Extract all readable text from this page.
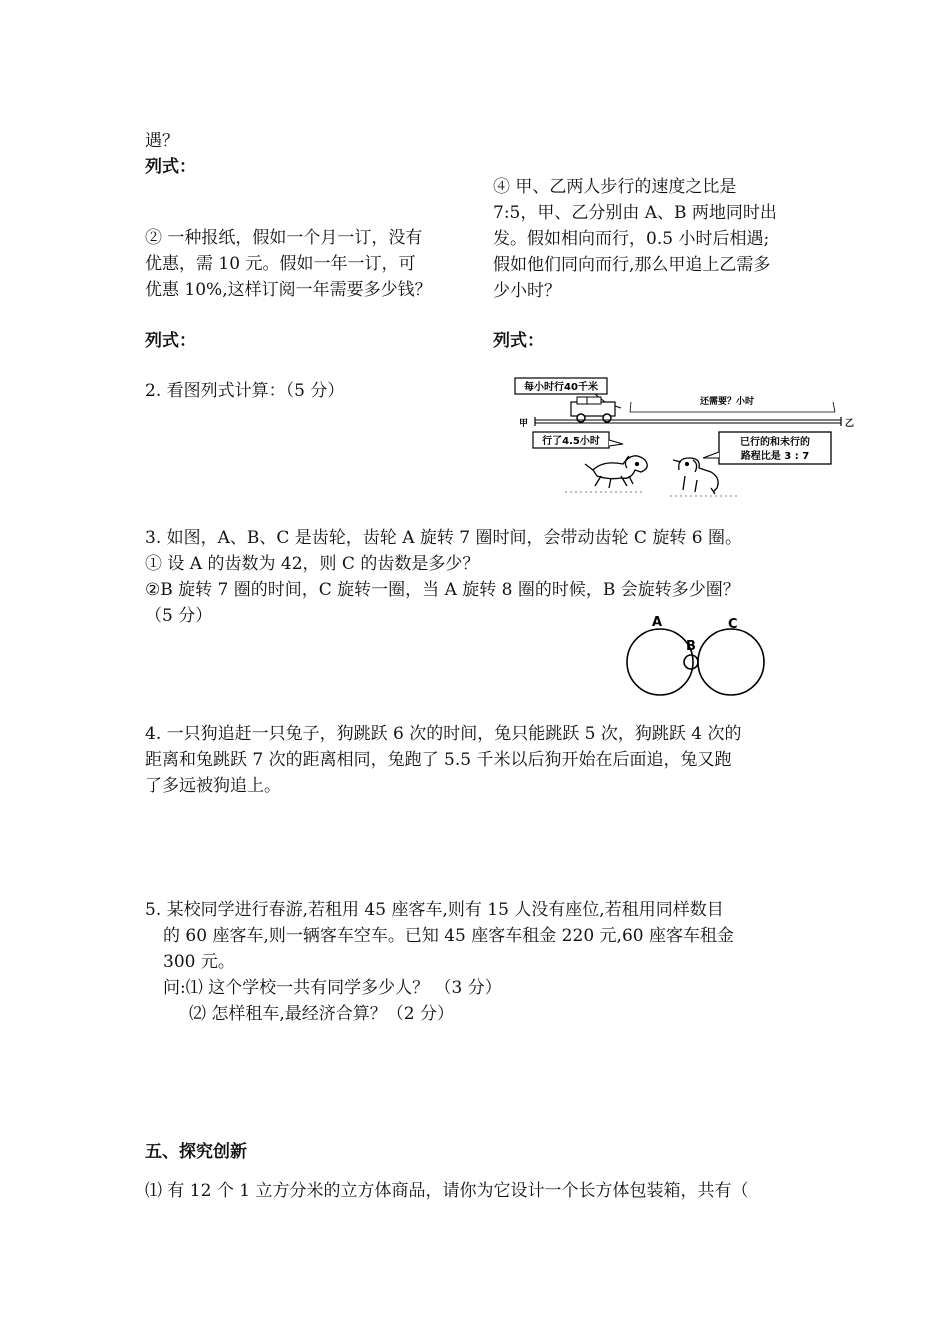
遇？
列式：
② 一种报纸，假如一个月一订，没有
优惠，需 10 元。假如一年一订，可
优惠 10%,这样订阅一年需要多少钱？
列式：
④ 甲、乙两人步行的速度之比是
7:5，甲、乙分别由 A、B 两地同时出
发。假如相向而行，0.5 小时后相遇;
假如他们同向而行,那么甲追上乙需多
少小时？
列式：
2. 看图列式计算：（5 分）	每小时行40千米
还需要？小时
甲	乙
行了4.5小时	已行的和未行的
路程比是 3 : 7
3. 如图，A、B、C 是齿轮，齿轮 A 旋转 7 圈时间，会带动齿轮 C 旋转 6 圈。
① 设 A 的齿数为 42，则 C 的齿数是多少？
②B 旋转 7 圈的时间，C 旋转一圈，当 A 旋转 8 圈的时候，B 会旋转多少圈？
（5 分）	A
B
C
4. 一只狗追赶一只兔子，狗跳跃 6 次的时间，兔只能跳跃 5 次，狗跳跃 4 次的
距离和兔跳跃 7 次的距离相同，兔跑了 5.5 千米以后狗开始在后面追，兔又跑
了多远被狗追上。
5. 某校同学进行春游,若租用 45 座客车,则有 15 人没有座位,若租用同样数目
的 60 座客车,则一辆客车空车。已知 45 座客车租金 220 元,60 座客车租金
300 元。
问:⑴ 这个学校一共有同学多少人？ （3 分）
⑵ 怎样租车,最经济合算？（2 分）
五、探究创新
⑴ 有 12 个 1 立方分米的立方体商品，请你为它设计一个长方体包装箱，共有（
